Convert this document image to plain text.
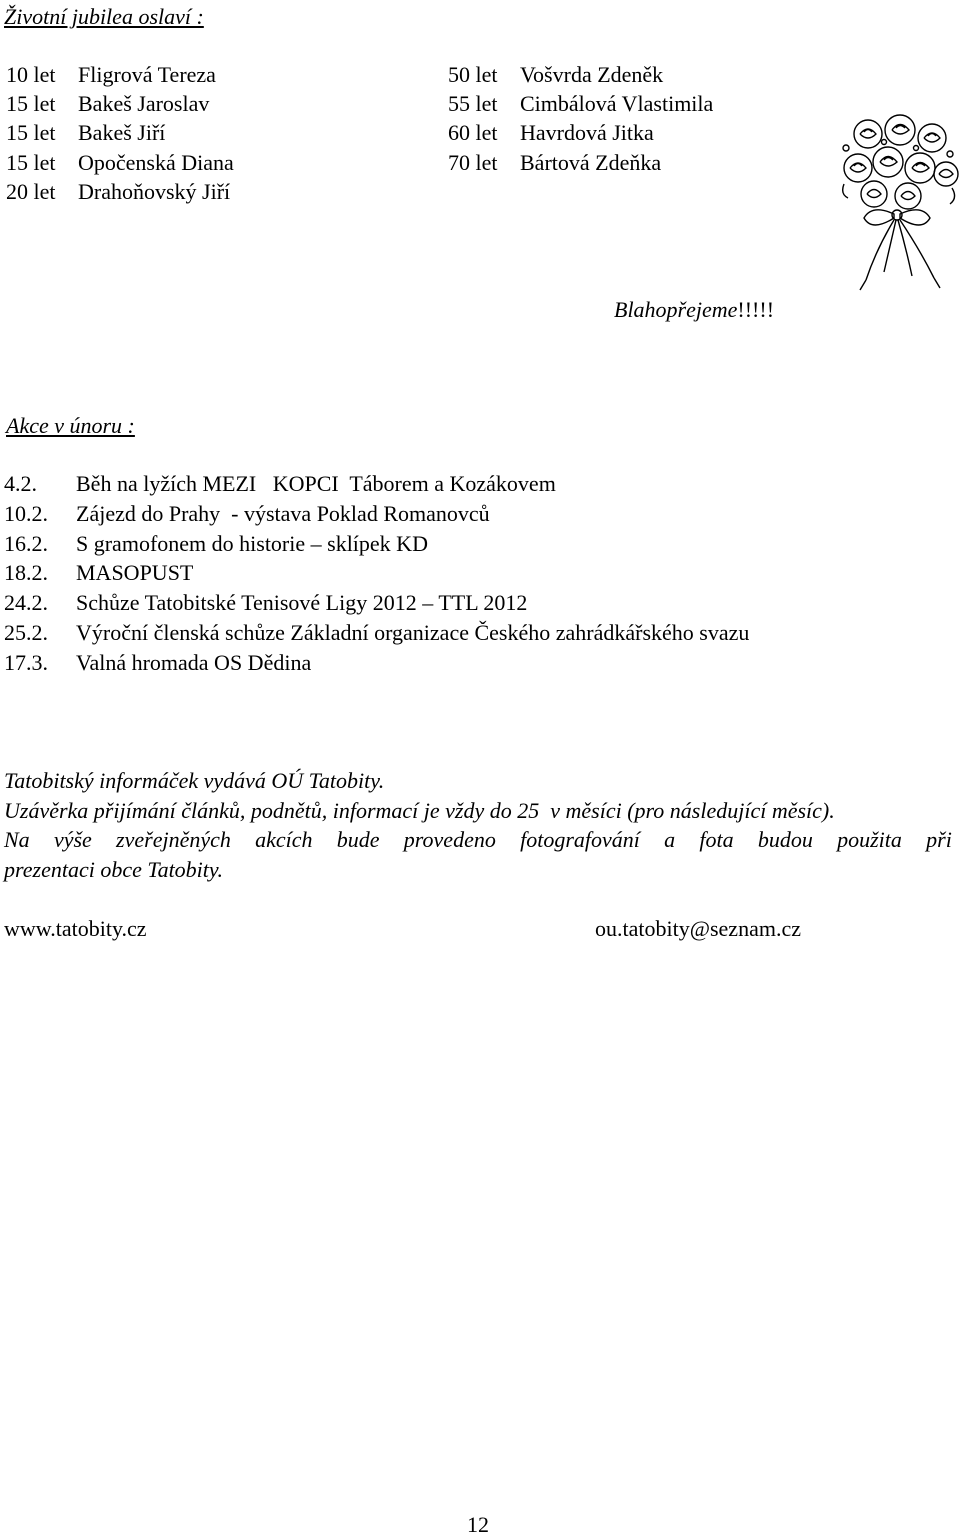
Životní jubilea oslaví :
10 let Fligrová Tereza
15 let Bakeš Jaroslav
15 let Bakeš Jiří
15 let Opočenská Diana
20 let Drahoňovský Jiří
50 let Vošvrda Zdeněk
55 let Cimbálová Vlastimila
60 let Havrdová Jitka
70 let Bártová Zdeňka
Blahopřejeme!!!!!
Akce v únoru :
4.2. Běh na lyžích MEZI   KOPCI  Táborem a Kozákovem
10.2. Zájezd do Prahy  - výstava Poklad Romanovců
16.2. S gramofonem do historie – sklípek KD
18.2. MASOPUST
24.2. Schůze Tatobitské Tenisové Ligy 2012 – TTL 2012
25.2. Výroční členská schůze Základní organizace Českého zahrádkářského svazu
17.3. Valná hromada OS Dědina
Tatobitský informáček vydává OÚ Tatobity.
Uzávěrka přijímání článků, podnětů, informací je vždy do 25  v měsíci (pro následující měsíc).
Na výše zveřejněných akcích bude provedeno fotografování a fota budou použita při
prezentaci obce Tatobity.
www.tatobity.cz	ou.tatobity@seznam.cz
12
